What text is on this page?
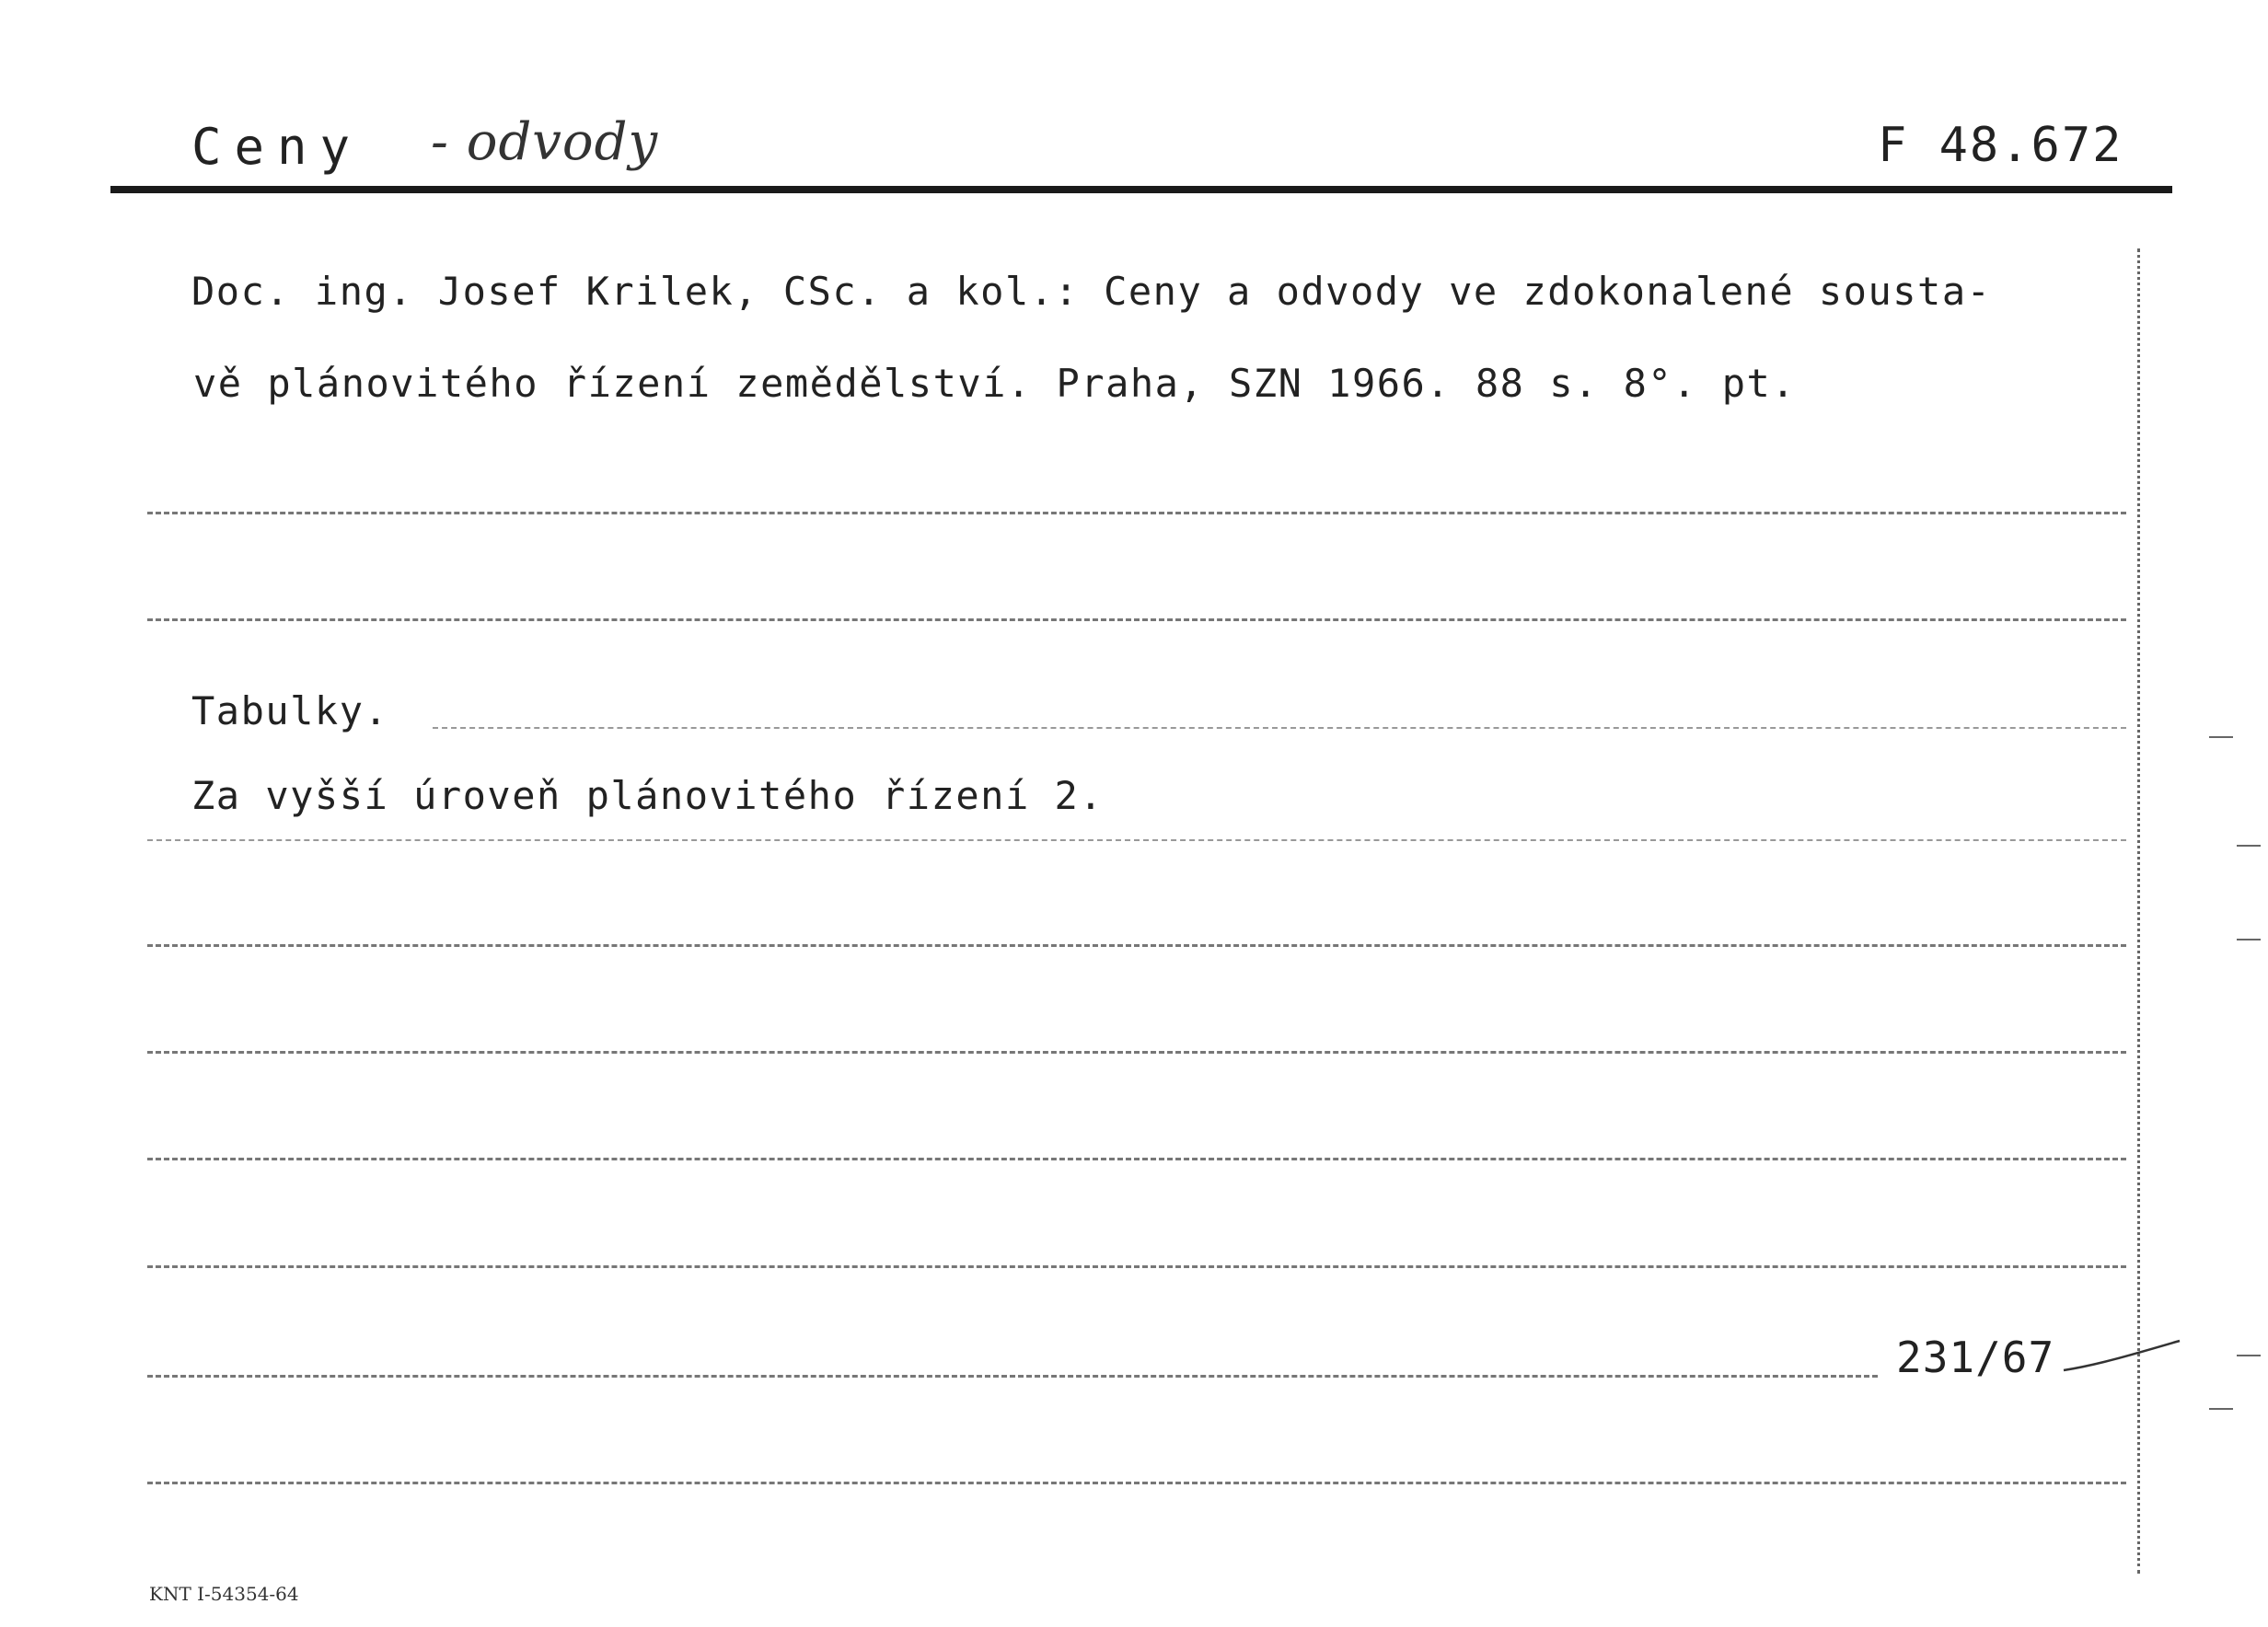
Ceny - odvody	F 48.672
Doc. ing. Josef Krilek, CSc. a kol.: Ceny a odvody ve zdokonalené sousta-
vě plánovitého řízení zemědělství. Praha, SZN 1966. 88 s. 8°. pt.
Tabulky.
Za vyšší úroveň plánovitého řízení 2.
231/67
KNT I-54354-64
